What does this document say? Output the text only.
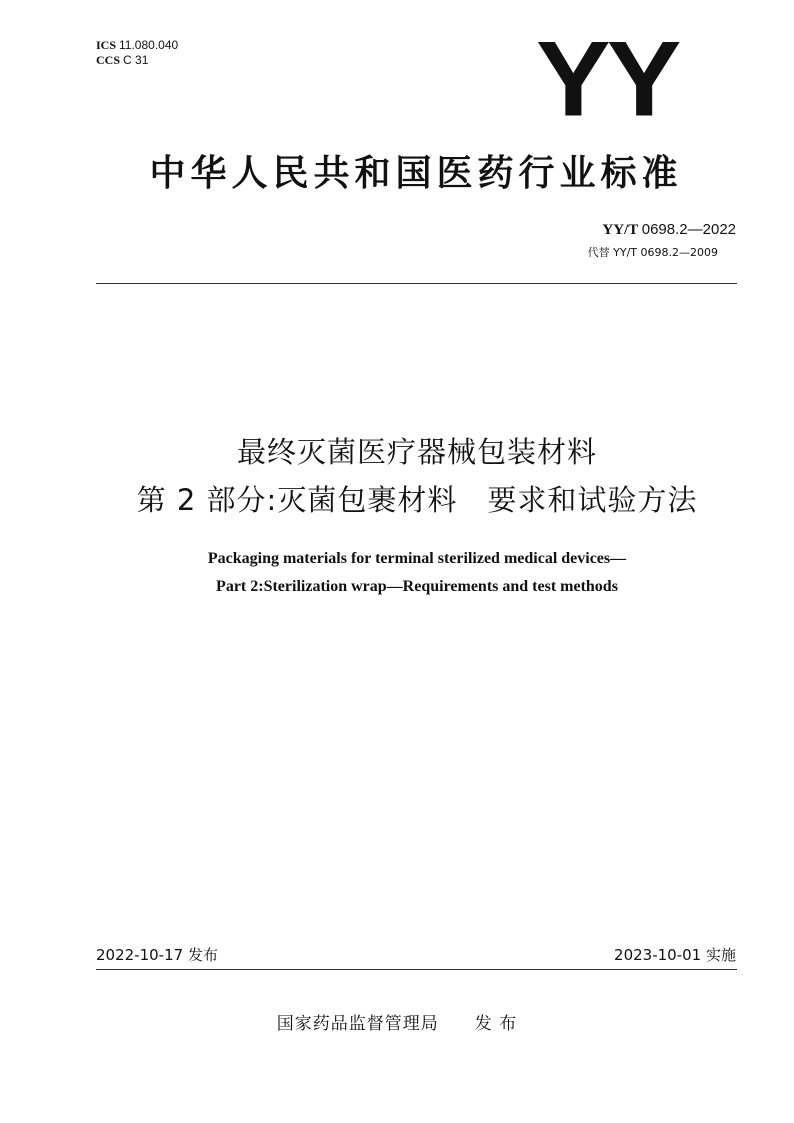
ICS 11.080.040
CCS C 31	YY
中华人民共和国医药行业标准
YY/T 0698.2—2022
代替 YY/T 0698.2—2009
最终灭菌医疗器械包装材料
第 2 部分:灭菌包裹材料　要求和试验方法
Packaging materials for terminal sterilized medical devices—
Part 2:Sterilization wrap—Requirements and test methods
2022-10-17 发布	2023-10-01 实施
国家药品监督管理局 发 布
